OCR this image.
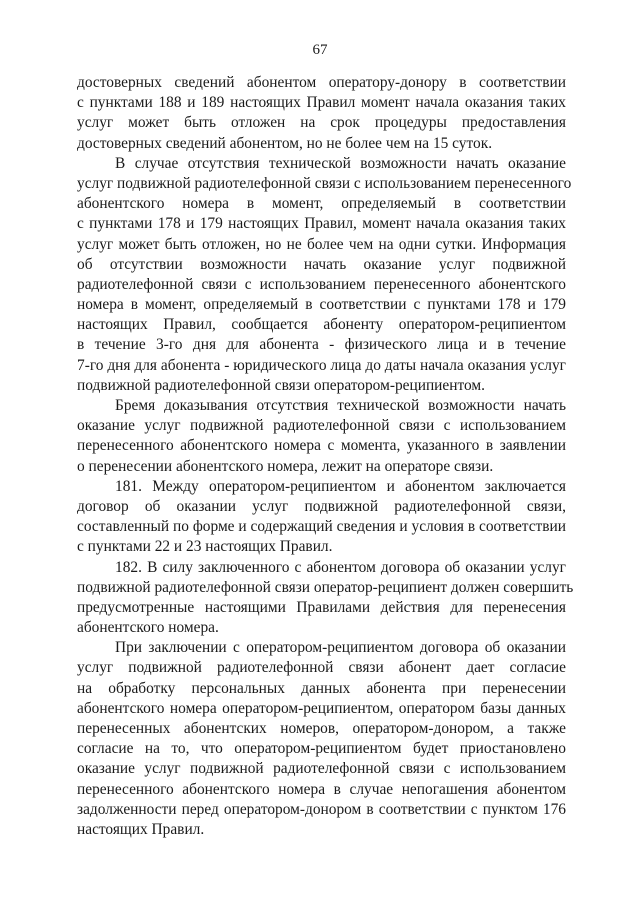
67
достоверных сведений абонентом оператору-донору в соответствии
с пунктами 188 и 189 настоящих Правил момент начала оказания таких
услуг может быть отложен на срок процедуры предоставления
достоверных сведений абонентом, но не более чем на 15 суток.
В случае отсутствия технической возможности начать оказание
услуг подвижной радиотелефонной связи с использованием перенесенного
абонентского номера в момент, определяемый в соответствии
с пунктами 178 и 179 настоящих Правил, момент начала оказания таких
услуг может быть отложен, но не более чем на одни сутки. Информация
об отсутствии возможности начать оказание услуг подвижной
радиотелефонной связи с использованием перенесенного абонентского
номера в момент, определяемый в соответствии с пунктами 178 и 179
настоящих Правил, сообщается абоненту оператором-реципиентом
в течение 3-го дня для абонента - физического лица и в течение
7-го дня для абонента - юридического лица до даты начала оказания услуг
подвижной радиотелефонной связи оператором-реципиентом.
Бремя доказывания отсутствия технической возможности начать
оказание услуг подвижной радиотелефонной связи с использованием
перенесенного абонентского номера с момента, указанного в заявлении
о перенесении абонентского номера, лежит на операторе связи.
181. Между оператором-реципиентом и абонентом заключается
договор об оказании услуг подвижной радиотелефонной связи,
составленный по форме и содержащий сведения и условия в соответствии
с пунктами 22 и 23 настоящих Правил.
182. В силу заключенного с абонентом договора об оказании услуг
подвижной радиотелефонной связи оператор-реципиент должен совершить
предусмотренные настоящими Правилами действия для перенесения
абонентского номера.
При заключении с оператором-реципиентом договора об оказании
услуг подвижной радиотелефонной связи абонент дает согласие
на обработку персональных данных абонента при перенесении
абонентского номера оператором-реципиентом, оператором базы данных
перенесенных абонентских номеров, оператором-донором, а также
согласие на то, что оператором-реципиентом будет приостановлено
оказание услуг подвижной радиотелефонной связи с использованием
перенесенного абонентского номера в случае непогашения абонентом
задолженности перед оператором-донором в соответствии с пунктом 176
настоящих Правил.
